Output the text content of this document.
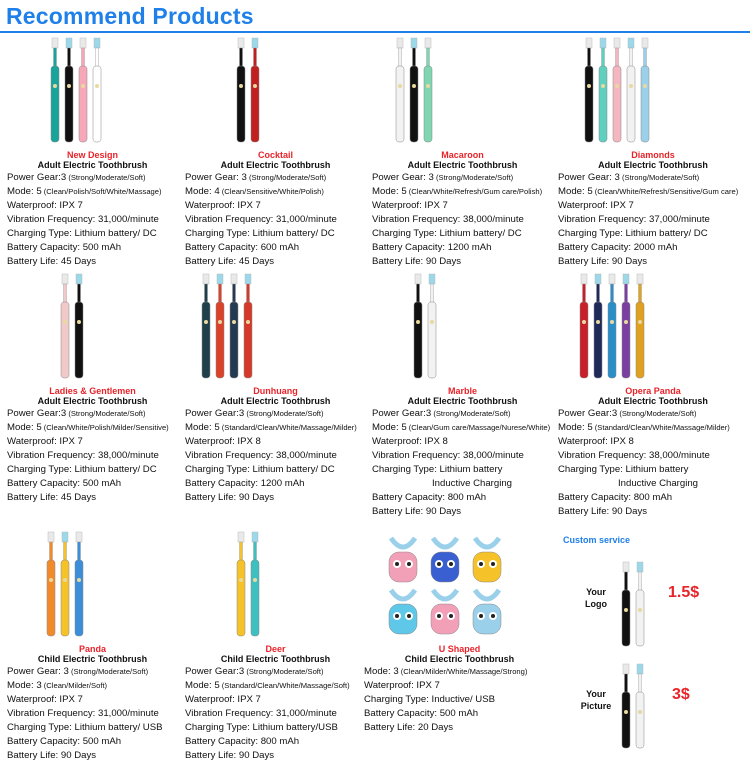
Recommend Products
New Design
Adult Electric Toothbrush
Power Gear:3 (Strong/Moderate/Soft)
Mode: 5 (Clean/Polish/Soft/White/Massage)
Waterproof: IPX 7
Vibration Frequency: 31,000/minute
Charging Type: Lithium battery/ DC
Battery Capacity: 500 mAh
Battery Life: 45 Days
Cocktail
Adult Electric Toothbrush
Power Gear: 3 (Strong/Moderate/Soft)
Mode: 4 (Clean/Sensitive/White/Polish)
Waterproof: IPX 7
Vibration Frequency: 31,000/minute
Charging Type: Lithium battery/ DC
Battery Capacity: 600 mAh
Battery Life: 45 Days
Macaroon
Adult Electric Toothbrush
Power Gear: 3 (Strong/Moderate/Soft)
Mode: 5 (Clean/White/Refresh/Gum care/Polish)
Waterproof: IPX 7
Vibration Frequency: 38,000/minute
Charging Type: Lithium battery/ DC
Battery Capacity: 1200 mAh
Battery Life: 90 Days
Diamonds
Adult Electric Toothbrush
Power Gear: 3 (Strong/Moderate/Soft)
Mode: 5 (Clean/White/Refresh/Sensitive/Gum care)
Waterproof: IPX 7
Vibration Frequency: 37,000/minute
Charging Type: Lithium battery/ DC
Battery Capacity: 2000 mAh
Battery Life: 90 Days
Ladies & Gentlemen
Adult Electric Toothbrush
Power Gear:3 (Strong/Moderate/Soft)
Mode: 5 (Clean/White/Polish/Milder/Sensitive)
Waterproof: IPX 7
Vibration Frequency: 38,000/minute
Charging Type: Lithium battery/ DC
Battery Capacity: 500 mAh
Battery Life: 45 Days
Dunhuang
Adult Electric Toothbrush
Power Gear:3 (Strong/Moderate/Soft)
Mode: 5 (Standard/Clean/White/Massage/Milder)
Waterproof: IPX 8
Vibration Frequency: 38,000/minute
Charging Type: Lithium battery/ DC
Battery Capacity: 1200 mAh
Battery Life: 90 Days
Marble
Adult Electric Toothbrush
Power Gear:3 (Strong/Moderate/Soft)
Mode: 5 (Clean/Gum care/Massage/Nurese/White)
Waterproof: IPX 8
Vibration Frequency: 38,000/minute
Charging Type: Lithium battery
Inductive Charging
Battery Capacity: 800 mAh
Battery Life: 90 Days
Opera Panda
Adult Electric Toothbrush
Power Gear:3 (Strong/Moderate/Soft)
Mode: 5 (Standard/Clean/White/Massage/Milder)
Waterproof: IPX 8
Vibration Frequency: 38,000/minute
Charging Type: Lithium battery
Inductive Charging
Battery Capacity: 800 mAh
Battery Life: 90 Days
Panda
Child Electric Toothbrush
Power Gear: 3 (Strong/Moderate/Soft)
Mode: 3 (Clean/Milder/Soft)
Waterproof: IPX 7
Vibration Frequency: 31,000/minute
Charging Type: Lithium battery/ USB
Battery Capacity: 500 mAh
Battery Life: 90 Days
Deer
Child Electric Toothbrush
Power Gear:3 (Strong/Moderate/Soft)
Mode: 5 (Standard/Clean/White/Massage/Soft)
Waterproof: IPX 7
Vibration Frequency: 31,000/minute
Charging Type: Lithium battery/USB
Battery Capacity: 800 mAh
Battery Life: 90 Days
U Shaped
Child Electric Toothbrush
Mode: 3 (Clean/Milder/White/Massage/Strong)
Waterproof: IPX 7
Charging Type: Inductive/ USB
Battery Capacity: 500 mAh
Battery Life: 20 Days
Custom service
Your
Logo
1.5$
Your
Picture
3$
